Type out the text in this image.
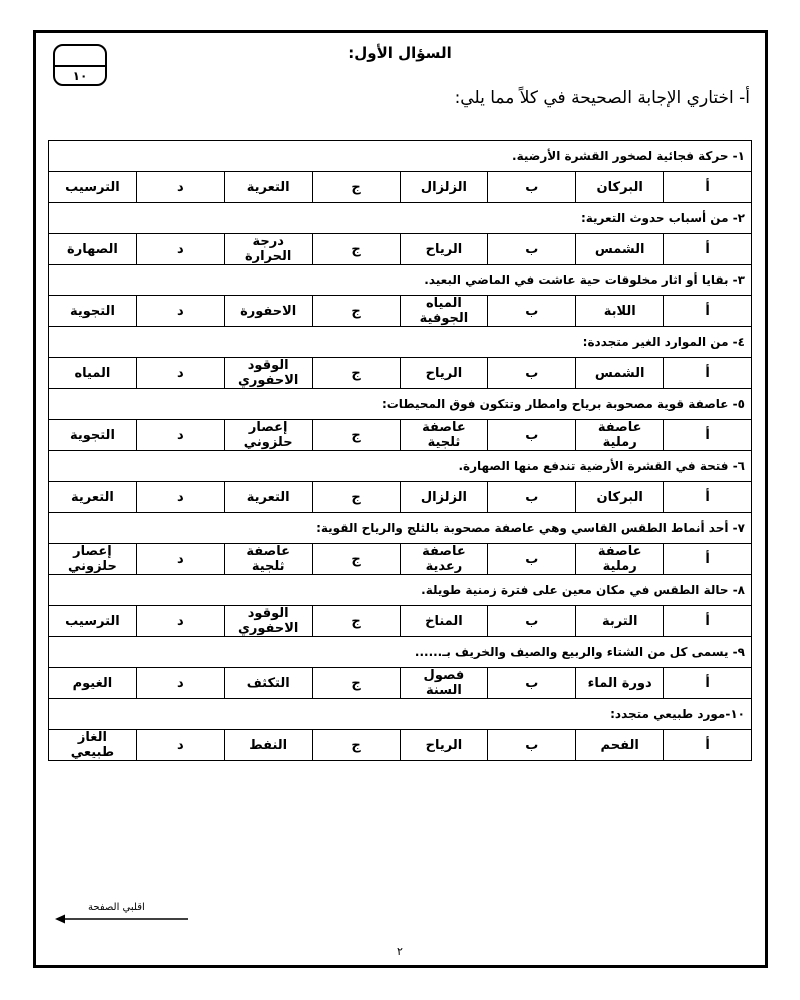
١٠
السؤال الأول:
أ- اختاري الإجابة الصحيحة في كلاً مما يلي:
١- حركة فجائية لصخور القشرة الأرضية.							
أ	البركان	ب	الزلزال	ج	التعرية	د	الترسيب
٢- من أسباب حدوث التعرية:							
أ	الشمس	ب	الرياح	ج	درجة الحرارة	د	الصهارة
٣- بقايا أو اثار مخلوقات حية عاشت في الماضي البعيد.							
أ	اللابة	ب	المياه الجوفية	ج	الاحفورة	د	التجوية
٤- من الموارد الغير متجددة:							
أ	الشمس	ب	الرياح	ج	الوقود الاحفوري	د	المياه
٥- عاصفة قوية مصحوبة برياح وامطار وتتكون فوق المحيطات:							
أ	عاصفة رملية	ب	عاصفة ثلجية	ج	إعصار حلزوني	د	التجوية
٦- فتحة في القشرة الأرضية تندفع منها الصهارة.							
أ	البركان	ب	الزلزال	ج	التعرية	د	التعرية
٧- أحد أنماط الطقس القاسي وهي عاصفة مصحوبة بالثلج والرياح القوية:							
أ	عاصفة رملية	ب	عاصفة رعدية	ج	عاصفة ثلجية	د	إعصار حلزوني
٨- حالة الطقس في مكان معين على فترة زمنية طويلة.							
أ	التربة	ب	المناخ	ج	الوقود الاحفوري	د	الترسيب
٩- يسمى كل من الشتاء والربيع والصيف والخريف بـ......							
أ	دورة الماء	ب	فصول السنة	ج	التكثف	د	الغيوم
١٠-مورد طبيعي متجدد:							
أ	الفحم	ب	الرياح	ج	النفط	د	الغاز طبيعي
اقلبي الصفحة
٢
